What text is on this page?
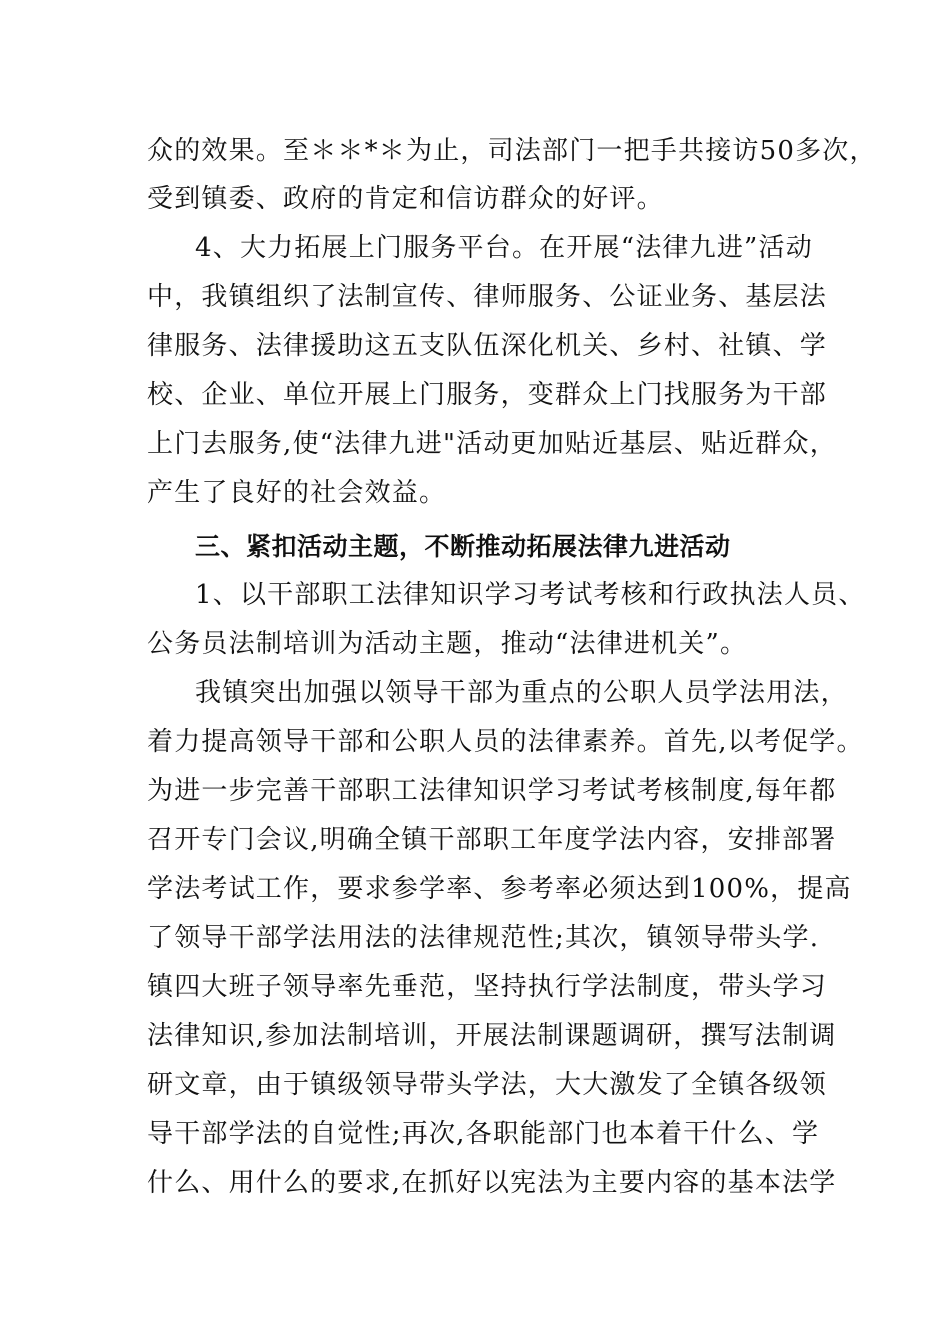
众的效果。至＊＊*＊为止，司法部门一把手共接访50多次，
受到镇委、政府的肯定和信访群众的好评。
4、大力拓展上门服务平台。在开展“法律九进”活动
中，我镇组织了法制宣传、律师服务、公证业务、基层法
律服务、法律援助这五支队伍深化机关、乡村、社镇、学
校、企业、单位开展上门服务，变群众上门找服务为干部
上门去服务,使“法律九进"活动更加贴近基层、贴近群众，
产生了良好的社会效益。
三、紧扣活动主题，不断推动拓展法律九进活动
1、以干部职工法律知识学习考试考核和行政执法人员、
公务员法制培训为活动主题，推动“法律进机关”。
我镇突出加强以领导干部为重点的公职人员学法用法，
着力提高领导干部和公职人员的法律素养。首先,以考促学。
为进一步完善干部职工法律知识学习考试考核制度,每年都
召开专门会议,明确全镇干部职工年度学法内容，安排部署
学法考试工作，要求参学率、参考率必须达到100%，提高
了领导干部学法用法的法律规范性;其次，镇领导带头学.
镇四大班子领导率先垂范，坚持执行学法制度，带头学习
法律知识,参加法制培训，开展法制课题调研，撰写法制调
研文章，由于镇级领导带头学法，大大激发了全镇各级领
导干部学法的自觉性;再次,各职能部门也本着干什么、学
什么、用什么的要求,在抓好以宪法为主要内容的基本法学
